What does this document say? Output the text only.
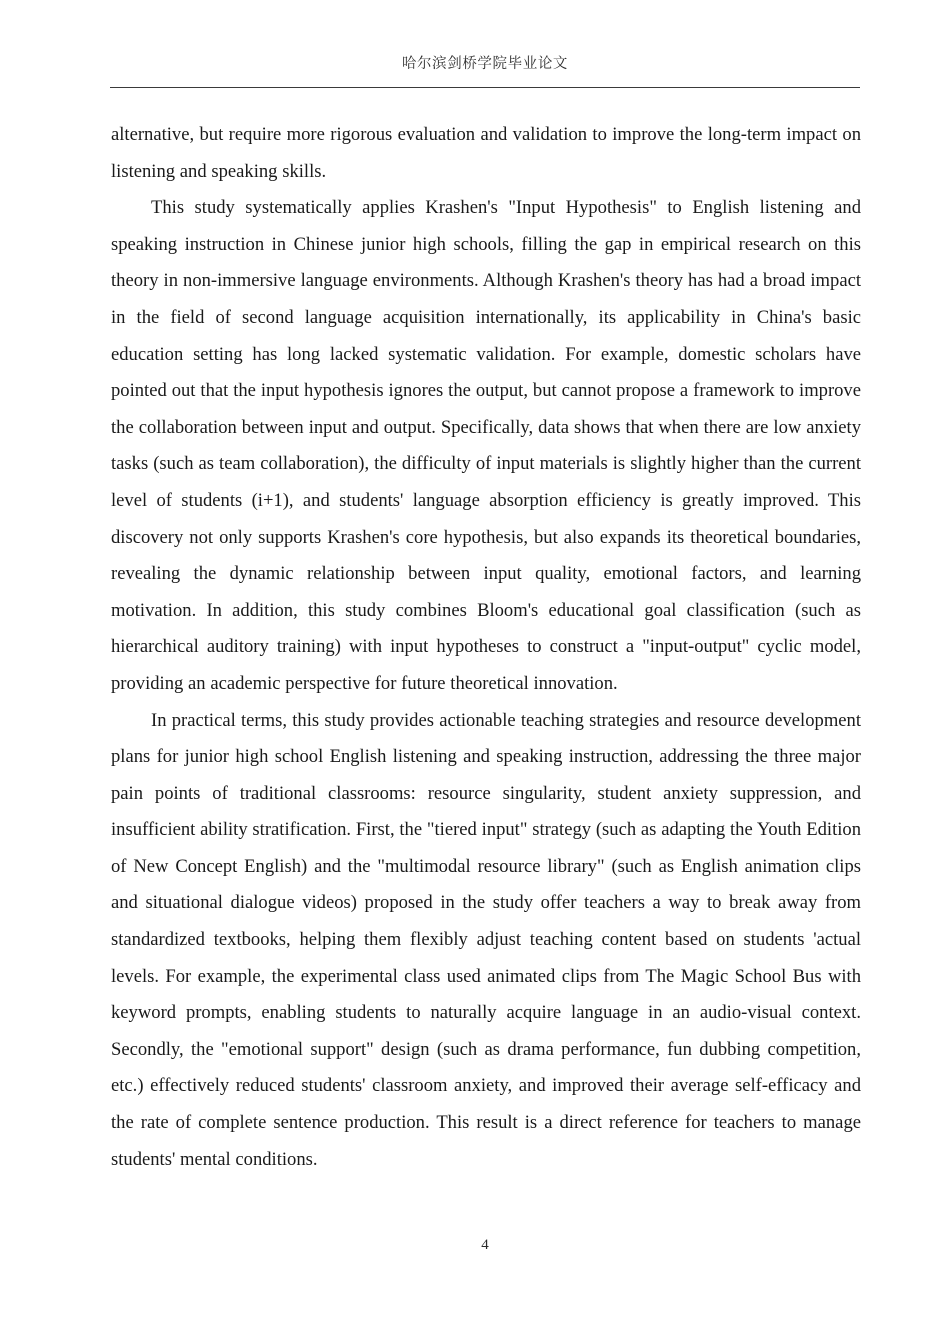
哈尔滨剑桥学院毕业论文

alternative, but require more rigorous evaluation and validation to improve the long-term impact on listening and speaking skills.

This study systematically applies Krashen's "Input Hypothesis" to English listening and speaking instruction in Chinese junior high schools, filling the gap in empirical research on this theory in non-immersive language environments. Although Krashen's theory has had a broad impact in the field of second language acquisition internationally, its applicability in China's basic education setting has long lacked systematic validation. For example, domestic scholars have pointed out that the input hypothesis ignores the output, but cannot propose a framework to improve the collaboration between input and output. Specifically, data shows that when there are low anxiety tasks (such as team collaboration), the difficulty of input materials is slightly higher than the current level of students (i+1), and students' language absorption efficiency is greatly improved. This discovery not only supports Krashen's core hypothesis, but also expands its theoretical boundaries, revealing the dynamic relationship between input quality, emotional factors, and learning motivation. In addition, this study combines Bloom's educational goal classification (such as hierarchical auditory training) with input hypotheses to construct a "input-output" cyclic model, providing an academic perspective for future theoretical innovation.

In practical terms, this study provides actionable teaching strategies and resource development plans for junior high school English listening and speaking instruction, addressing the three major pain points of traditional classrooms: resource singularity, student anxiety suppression, and insufficient ability stratification. First, the "tiered input" strategy (such as adapting the Youth Edition of New Concept English) and the "multimodal resource library" (such as English animation clips and situational dialogue videos) proposed in the study offer teachers a way to break away from standardized textbooks, helping them flexibly adjust teaching content based on students 'actual levels. For example, the experimental class used animated clips from The Magic School Bus with keyword prompts, enabling students to naturally acquire language in an audio-visual context. Secondly, the "emotional support" design (such as drama performance, fun dubbing competition, etc.) effectively reduced students' classroom anxiety, and improved their average self-efficacy and the rate of complete sentence production. This result is a direct reference for teachers to manage students' mental conditions.

4
